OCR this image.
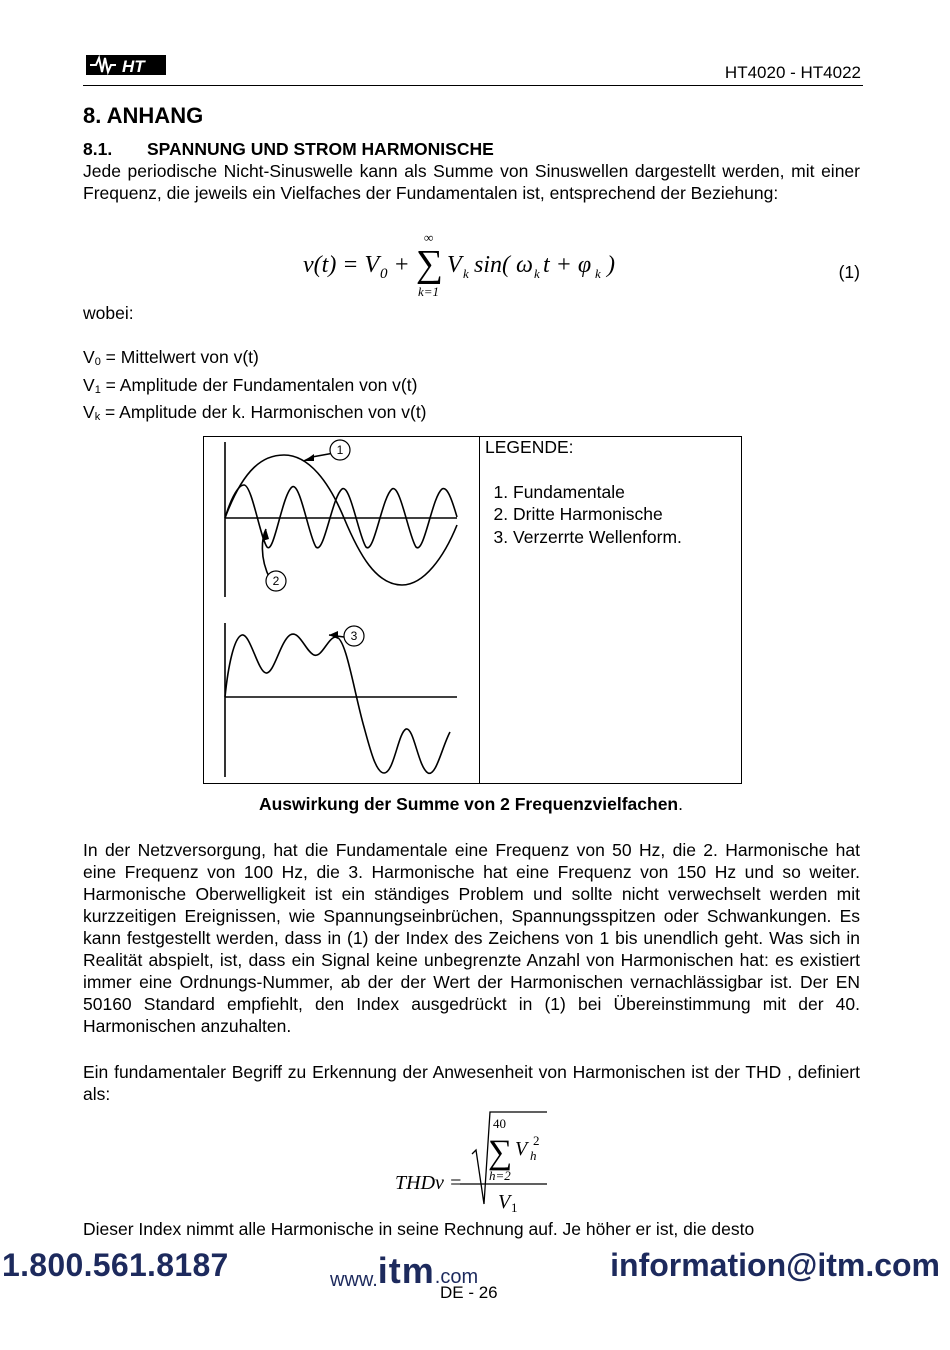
HT	HT4020 - HT4022
8. ANHANG
8.1. SPANNUNG UND STROM HARMONISCHE
Jede periodische Nicht-Sinuswelle kann als Summe von Sinuswellen dargestellt werden, mit einer Frequenz, die jeweils ein Vielfaches der Fundamentalen ist, entsprechend der Beziehung:
v(t) = V 0 + ∑
∞
k=1
V k sin( ω k t + φ k )	(1)
wobei:
$V_0$ = Mittelwert von v(t)
$V_1$ = Amplitude der Fundamentalen von v(t)
$V_k$ = Amplitude der k. Harmonischen von v(t)
1
2
3
LEGENDE:
1. Fundamentale
2. Dritte Harmonische
3. Verzerrte Wellenform.
Auswirkung der Summe von 2 Frequenzvielfachen.
In der Netzversorgung, hat die Fundamentale eine Frequenz von 50 Hz, die 2. Harmonische hat eine Frequenz von 100 Hz, die 3. Harmonische hat eine Frequenz von 150 Hz und so weiter. Harmonische Oberwelligkeit ist ein ständiges Problem und sollte nicht verwechselt werden mit kurzzeitigen Ereignissen, wie Spannungseinbrüchen, Spannungsspitzen oder Schwankungen. Es kann festgestellt werden, dass in (1) der Index des Zeichens von 1 bis unendlich geht. Was sich in Realität abspielt, ist, dass ein Signal keine unbegrenzte Anzahl von Harmonischen hat: es existiert immer eine Ordnungs-Nummer, ab der der Wert der Harmonischen vernachlässigbar ist. Der EN 50160 Standard empfiehlt, den Index ausgedrückt in (1) bei Übereinstimmung mit der 40. Harmonischen anzuhalten.
Ein fundamentaler Begriff zu Erkennung der Anwesenheit von Harmonischen ist der THD , definiert als:
THDv =
40
∑
h=2
V 2
h
V 1
Dieser Index nimmt alle Harmonische in seine Rechnung auf. Je höher er ist, die desto
1.800.561.8187	www.itm.com	information@itm.com
DE - 26
